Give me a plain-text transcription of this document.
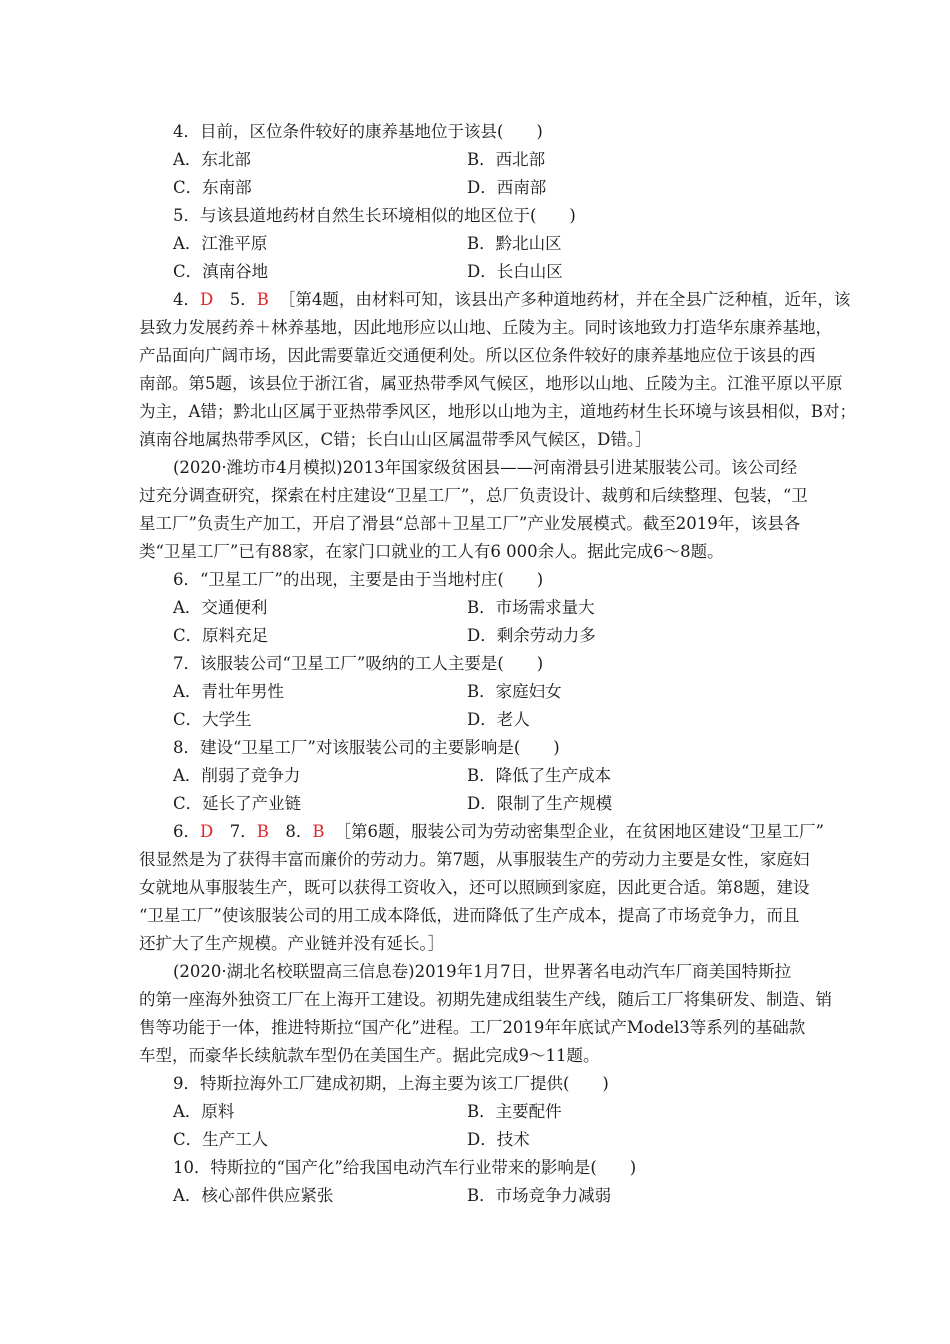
4．目前，区位条件较好的康养基地位于该县(　　)
A．东北部	B．西北部
C．东南部	D．西南部
5．与该县道地药材自然生长环境相似的地区位于(　　)
A．江淮平原	B．黔北山区
C．滇南谷地	D．长白山区
4．D　5．B ［第4题，由材料可知，该县出产多种道地药材，并在全县广泛种植，近年，该
县致力发展药养＋林养基地，因此地形应以山地、丘陵为主。同时该地致力打造华东康养基地，
产品面向广阔市场，因此需要靠近交通便利处。所以区位条件较好的康养基地应位于该县的西
南部。第5题，该县位于浙江省，属亚热带季风气候区，地形以山地、丘陵为主。江淮平原以平原
为主，A错；黔北山区属于亚热带季风区，地形以山地为主，道地药材生长环境与该县相似，B对；
滇南谷地属热带季风区，C错；长白山山区属温带季风气候区，D错。］
(2020·潍坊市4月模拟)2013年国家级贫困县——河南滑县引进某服装公司。该公司经
过充分调查研究，探索在村庄建设“卫星工厂”，总厂负责设计、裁剪和后续整理、包装，“卫
星工厂”负责生产加工，开启了滑县“总部＋卫星工厂”产业发展模式。截至2019年，该县各
类“卫星工厂”已有88家，在家门口就业的工人有6 000余人。据此完成6～8题。
6．“卫星工厂”的出现，主要是由于当地村庄(　　)
A．交通便利	B．市场需求量大
C．原料充足	D．剩余劳动力多
7．该服装公司“卫星工厂”吸纳的工人主要是(　　)
A．青壮年男性	B．家庭妇女
C．大学生	D．老人
8．建设“卫星工厂”对该服装公司的主要影响是(　　)
A．削弱了竞争力	B．降低了生产成本
C．延长了产业链	D．限制了生产规模
6．D　7．B　8．B ［第6题，服装公司为劳动密集型企业，在贫困地区建设“卫星工厂”
很显然是为了获得丰富而廉价的劳动力。第7题，从事服装生产的劳动力主要是女性，家庭妇
女就地从事服装生产，既可以获得工资收入，还可以照顾到家庭，因此更合适。第8题，建设
“卫星工厂”使该服装公司的用工成本降低，进而降低了生产成本，提高了市场竞争力，而且
还扩大了生产规模。产业链并没有延长。］
(2020·湖北名校联盟高三信息卷)2019年1月7日，世界著名电动汽车厂商美国特斯拉
的第一座海外独资工厂在上海开工建设。初期先建成组装生产线，随后工厂将集研发、制造、销
售等功能于一体，推进特斯拉“国产化”进程。工厂2019年年底试产Model3等系列的基础款
车型，而豪华长续航款车型仍在美国生产。据此完成9～11题。
9．特斯拉海外工厂建成初期，上海主要为该工厂提供(　　)
A．原料	B．主要配件
C．生产工人	D．技术
10．特斯拉的“国产化”给我国电动汽车行业带来的影响是(　　)
A．核心部件供应紧张	B．市场竞争力减弱
